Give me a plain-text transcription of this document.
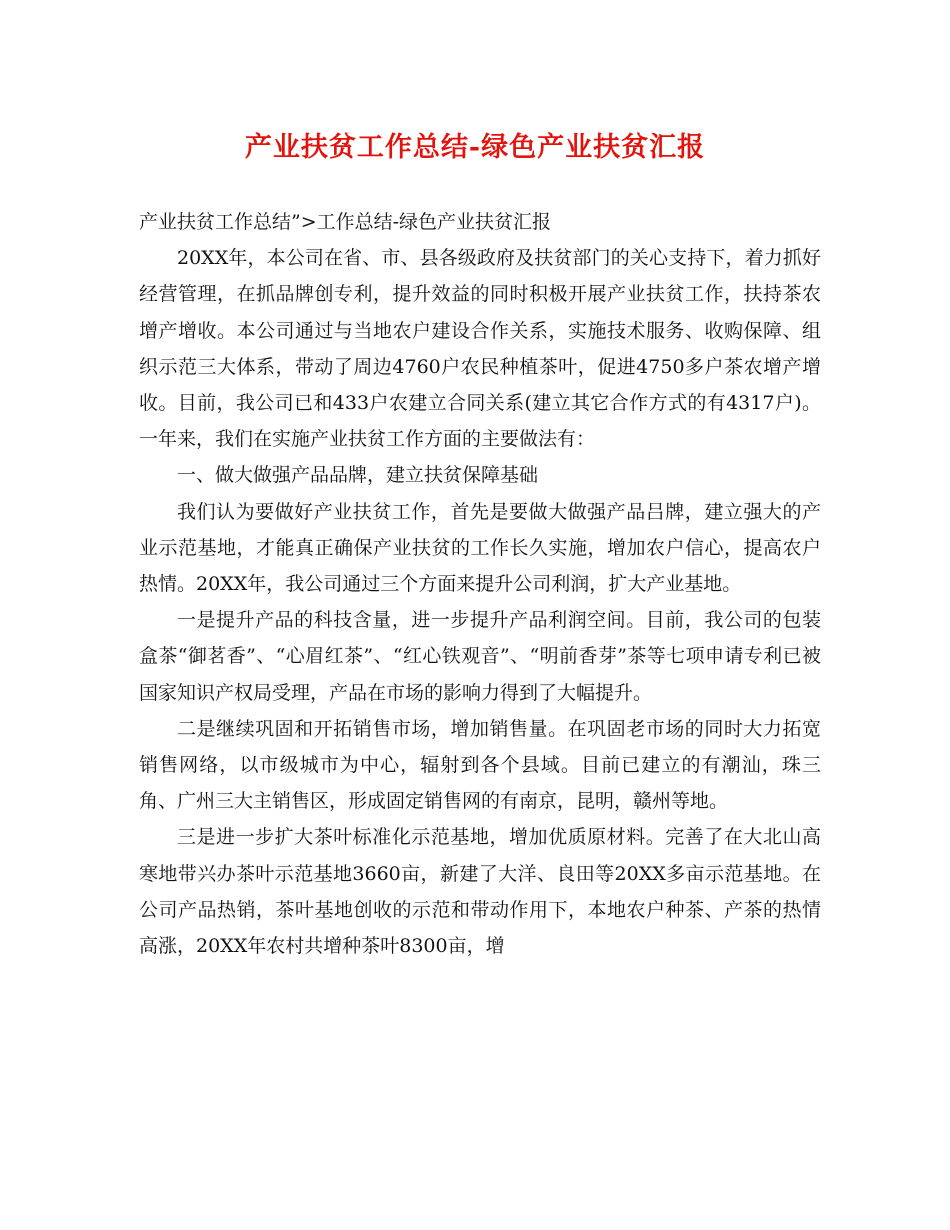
产业扶贫工作总结-绿色产业扶贫汇报

产业扶贫工作总结”>工作总结-绿色产业扶贫汇报

20XX年，本公司在省、市、县各级政府及扶贫部门的关心支持下，着力抓好经营管理，在抓品牌创专利，提升效益的同时积极开展产业扶贫工作，扶持茶农增产增收。本公司通过与当地农户建设合作关系，实施技术服务、收购保障、组织示范三大体系，带动了周边4760户农民种植茶叶，促进4750多户茶农增产增收。目前，我公司已和433户农建立合同关系(建立其它合作方式的有4317户)。一年来，我们在实施产业扶贫工作方面的主要做法有：

一、做大做强产品品牌，建立扶贫保障基础

我们认为要做好产业扶贫工作，首先是要做大做强产品吕牌，建立强大的产业示范基地，才能真正确保产业扶贫的工作长久实施，增加农户信心，提高农户热情。20XX年，我公司通过三个方面来提升公司利润，扩大产业基地。

一是提升产品的科技含量，进一步提升产品利润空间。目前，我公司的包装盒茶“御茗香”、“心眉红茶”、“红心铁观音”、“明前香芽”茶等七项申请专利已被国家知识产权局受理，产品在市场的影响力得到了大幅提升。

二是继续巩固和开拓销售市场，增加销售量。在巩固老市场的同时大力拓宽销售网络，以市级城市为中心，辐射到各个县域。目前已建立的有潮汕，珠三角、广州三大主销售区，形成固定销售网的有南京，昆明，赣州等地。

三是进一步扩大茶叶标准化示范基地，增加优质原材料。完善了在大北山高寒地带兴办茶叶示范基地3660亩，新建了大洋、良田等20XX多亩示范基地。在公司产品热销，茶叶基地创收的示范和带动作用下，本地农户种茶、产茶的热情高涨，20XX年农村共增种茶叶8300亩，增
